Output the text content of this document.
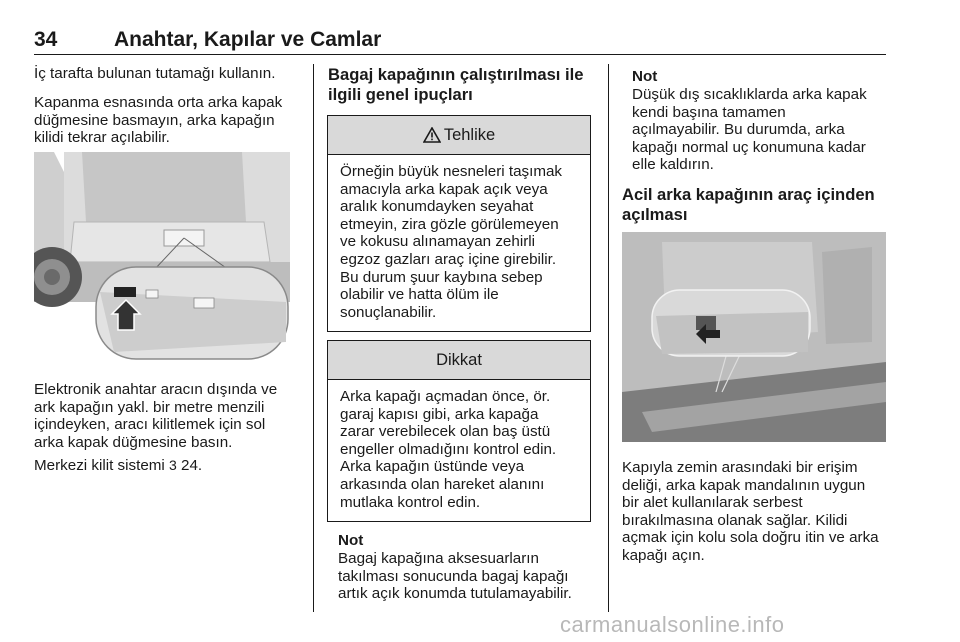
34	Anahtar, Kapılar ve Camlar
İç tarafta bulunan tutamağı kullanın.
Kapanma esnasında orta arka kapak
düğmesine basmayın, arka kapağın
kilidi tekrar açılabilir.
Elektronik anahtar aracın dışında ve
ark kapağın yakl. bir metre menzili
içindeyken, aracı kilitlemek için sol
arka kapak düğmesine basın.
Merkezi kilit sistemi 3 24.
Bagaj kapağının çalıştırılması ile
ilgili genel ipuçları
Tehlike
Örneğin büyük nesneleri taşımak
amacıyla arka kapak açık veya
aralık konumdayken seyahat
etmeyin, zira gözle görülemeyen
ve kokusu alınamayan zehirli
egzoz gazları araç içine girebilir.
Bu durum şuur kaybına sebep
olabilir ve hatta ölüm ile
sonuçlanabilir.
Dikkat
Arka kapağı açmadan önce, ör.
garaj kapısı gibi, arka kapağa
zarar verebilecek olan baş üstü
engeller olmadığını kontrol edin.
Arka kapağın üstünde veya
arkasında olan hareket alanını
mutlaka kontrol edin.
Not
Bagaj kapağına aksesuarların
takılması sonucunda bagaj kapağı
artık açık konumda tutulamayabilir.
Not
Düşük dış sıcaklıklarda arka kapak
kendi başına tamamen
açılmayabilir. Bu durumda, arka
kapağı normal uç konumuna kadar
elle kaldırın.
Acil arka kapağının araç içinden
açılması
Kapıyla zemin arasındaki bir erişim
deliği, arka kapak mandalının uygun
bir alet kullanılarak serbest
bırakılmasına olanak sağlar. Kilidi
açmak için kolu sola doğru itin ve arka
kapağı açın.
carmanualsonline.info
